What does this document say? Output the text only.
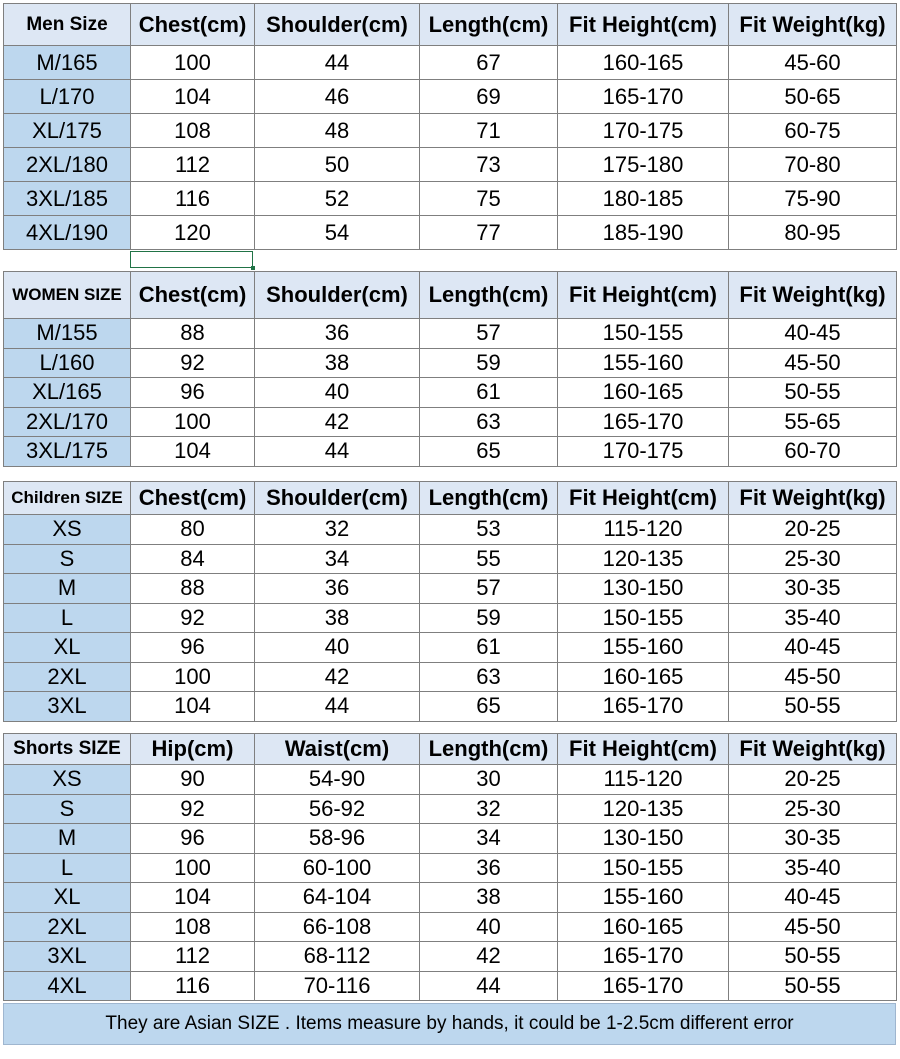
Men Size	Chest(cm)	Shoulder(cm)	Length(cm)	Fit Height(cm)	Fit Weight(kg)
M/165	100	44	67	160-165	45-60
L/170	104	46	69	165-170	50-65
XL/175	108	48	71	170-175	60-75
2XL/180	112	50	73	175-180	70-80
3XL/185	116	52	75	180-185	75-90
4XL/190	120	54	77	185-190	80-95
WOMEN SIZE	Chest(cm)	Shoulder(cm)	Length(cm)	Fit Height(cm)	Fit Weight(kg)
M/155	88	36	57	150-155	40-45
L/160	92	38	59	155-160	45-50
XL/165	96	40	61	160-165	50-55
2XL/170	100	42	63	165-170	55-65
3XL/175	104	44	65	170-175	60-70
Children SIZE	Chest(cm)	Shoulder(cm)	Length(cm)	Fit Height(cm)	Fit Weight(kg)
XS	80	32	53	115-120	20-25
S	84	34	55	120-135	25-30
M	88	36	57	130-150	30-35
L	92	38	59	150-155	35-40
XL	96	40	61	155-160	40-45
2XL	100	42	63	160-165	45-50
3XL	104	44	65	165-170	50-55
Shorts SIZE	Hip(cm)	Waist(cm)	Length(cm)	Fit Height(cm)	Fit Weight(kg)
XS	90	54-90	30	115-120	20-25
S	92	56-92	32	120-135	25-30
M	96	58-96	34	130-150	30-35
L	100	60-100	36	150-155	35-40
XL	104	64-104	38	155-160	40-45
2XL	108	66-108	40	160-165	45-50
3XL	112	68-112	42	165-170	50-55
4XL	116	70-116	44	165-170	50-55
They are Asian SIZE . Items measure by hands, it could be 1-2.5cm different error
